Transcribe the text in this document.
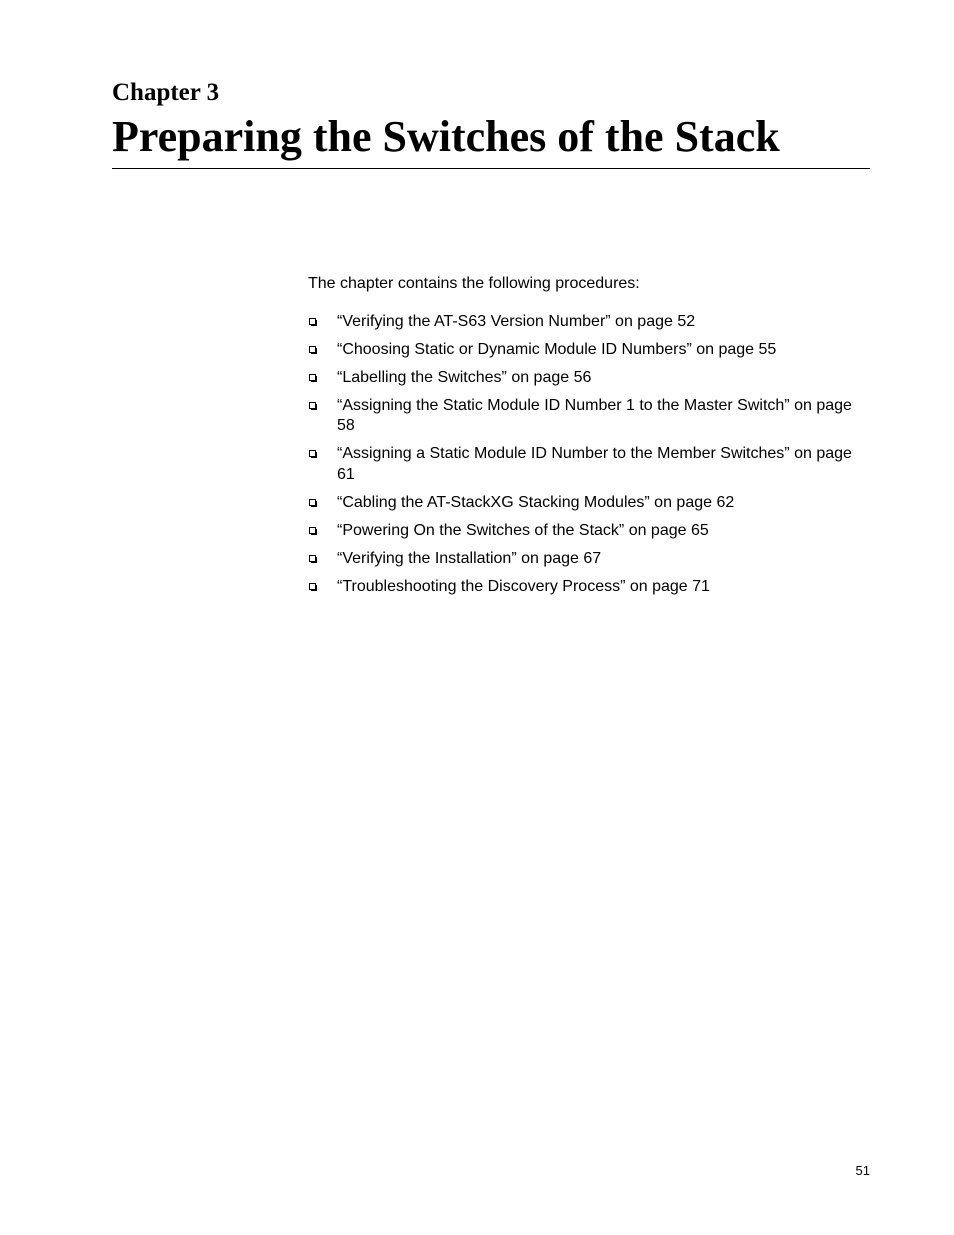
Chapter 3
Preparing the Switches of the Stack

The chapter contains the following procedures:

“Verifying the AT-S63 Version Number” on page 52
“Choosing Static or Dynamic Module ID Numbers” on page 55
“Labelling the Switches” on page 56
“Assigning the Static Module ID Number 1 to the Master Switch” on page 58
“Assigning a Static Module ID Number to the Member Switches” on page 61
“Cabling the AT-StackXG Stacking Modules” on page 62
“Powering On the Switches of the Stack” on page 65
“Verifying the Installation” on page 67
“Troubleshooting the Discovery Process” on page 71
51
